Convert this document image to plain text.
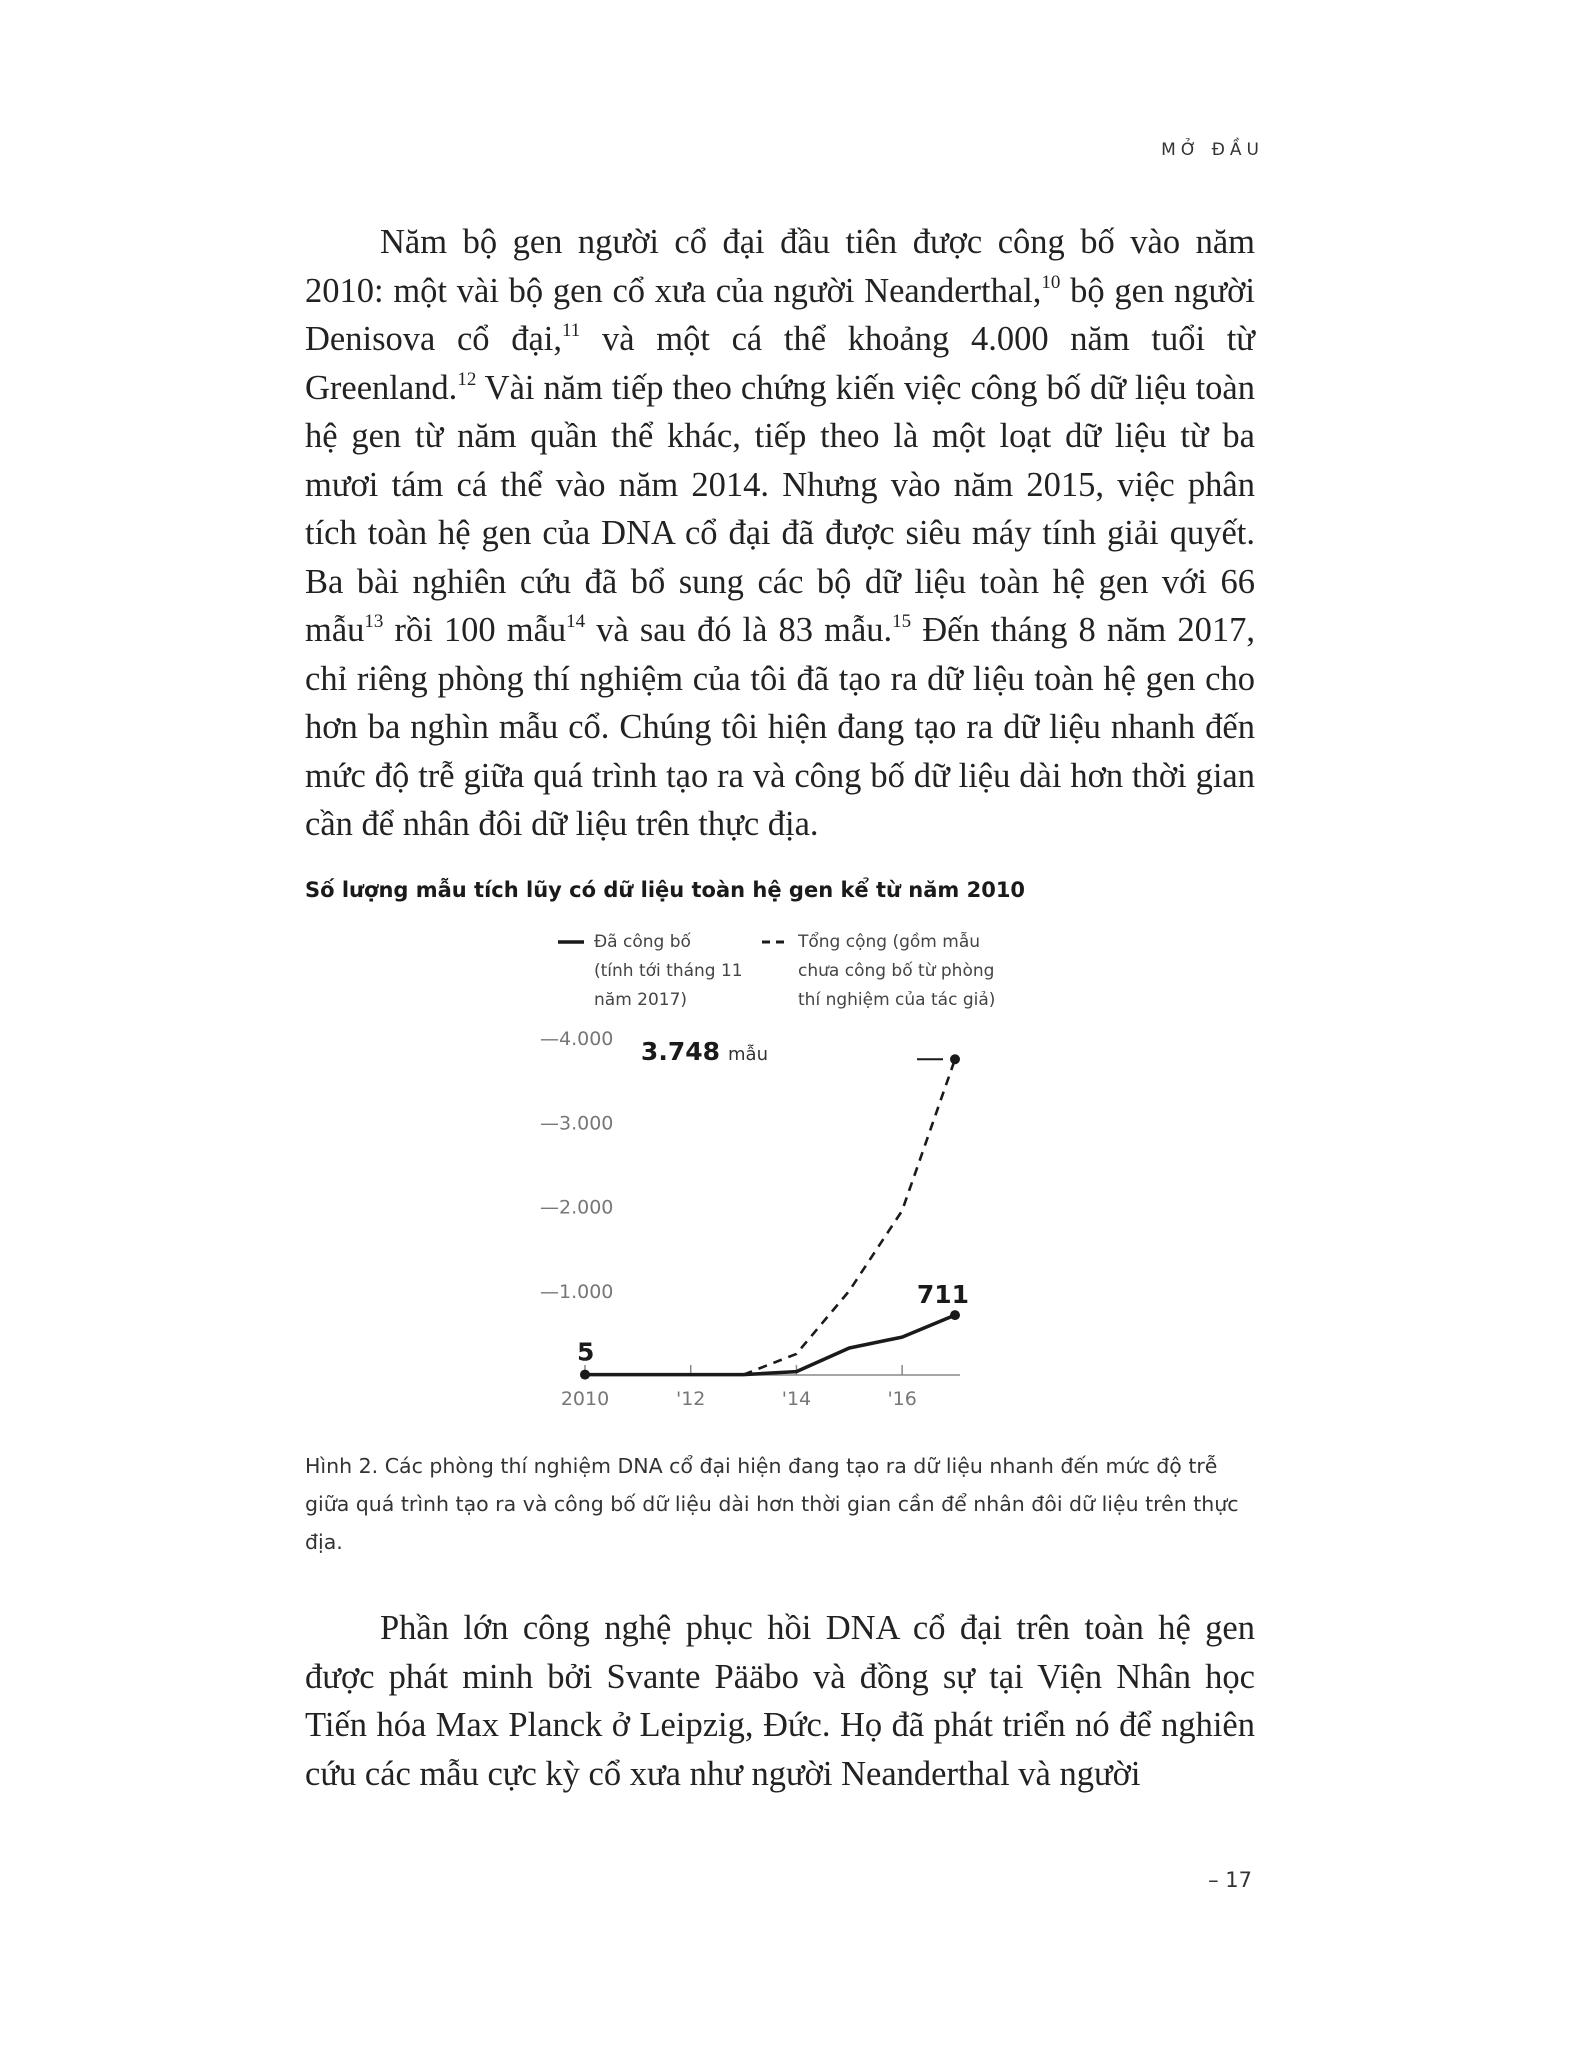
MỞ ĐẦU

Năm bộ gen người cổ đại đầu tiên được công bố vào năm 2010: một vài bộ gen cổ xưa của người Neanderthal,$^{10}$ bộ gen người Denisova cổ đại,$^{11}$ và một cá thể khoảng 4.000 năm tuổi từ Greenland.$^{12}$ Vài năm tiếp theo chứng kiến việc công bố dữ liệu toàn hệ gen từ năm quần thể khác, tiếp theo là một loạt dữ liệu từ ba mươi tám cá thể vào năm 2014. Nhưng vào năm 2015, việc phân tích toàn hệ gen của DNA cổ đại đã được siêu máy tính giải quyết. Ba bài nghiên cứu đã bổ sung các bộ dữ liệu toàn hệ gen với 66 mẫu$^{13}$ rồi 100 mẫu$^{14}$ và sau đó là 83 mẫu.$^{15}$ Đến tháng 8 năm 2017, chỉ riêng phòng thí nghiệm của tôi đã tạo ra dữ liệu toàn hệ gen cho hơn ba nghìn mẫu cổ. Chúng tôi hiện đang tạo ra dữ liệu nhanh đến mức độ trễ giữa quá trình tạo ra và công bố dữ liệu dài hơn thời gian cần để nhân đôi dữ liệu trên thực địa.

Số lượng mẫu tích lũy có dữ liệu toàn hệ gen kể từ năm 2010
Đã công bố
(tính tới tháng 11
năm 2017)
Tổng cộng (gồm mẫu
chưa công bố từ phòng
thí nghiệm của tác giả)
2010	'12	'14	'16
—1.000
—2.000
—3.000
—4.000
5
711
3.748 mẫu
Hình 2. Các phòng thí nghiệm DNA cổ đại hiện đang tạo ra dữ liệu nhanh đến mức độ trễ giữa quá trình tạo ra và công bố dữ liệu dài hơn thời gian cần để nhân đôi dữ liệu trên thực địa.

Phần lớn công nghệ phục hồi DNA cổ đại trên toàn hệ gen được phát minh bởi Svante Pääbo và đồng sự tại Viện Nhân học Tiến hóa Max Planck ở Leipzig, Đức. Họ đã phát triển nó để nghiên cứu các mẫu cực kỳ cổ xưa như người Neanderthal và người

– 17
